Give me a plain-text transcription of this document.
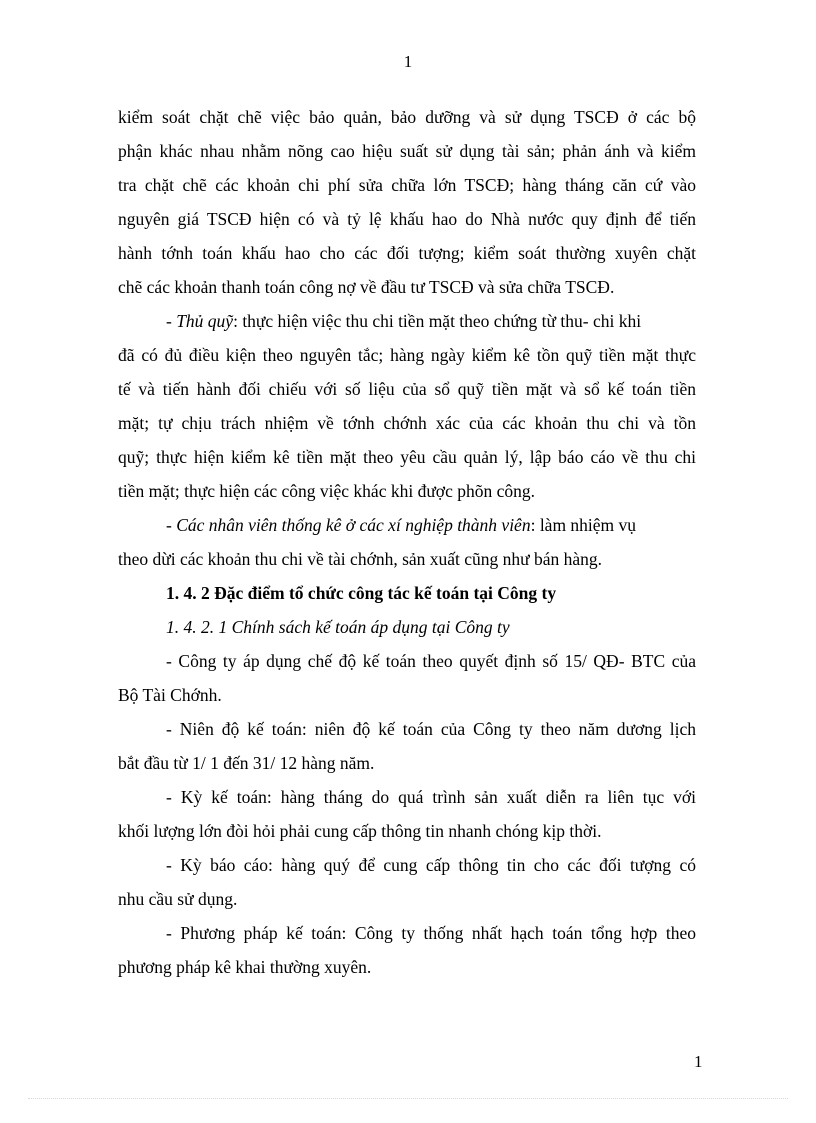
1
kiểm soát chặt chẽ việc bảo quản, bảo dưỡng và sử dụng TSCĐ ở các bộ
phận khác nhau nhằm nõng cao hiệu suất sử dụng tài sản; phản ánh và kiểm
tra chặt chẽ các khoản chi phí sửa chữa lớn TSCĐ; hàng tháng căn cứ vào
nguyên giá TSCĐ hiện có và tỷ lệ khấu hao do Nhà nước quy định để tiến
hành tớnh toán khấu hao cho các đối tượng; kiểm soát thường xuyên chặt
chẽ các khoản thanh toán công nợ về đầu tư TSCĐ và sửa chữa TSCĐ.
- Thủ quỹ: thực hiện việc thu chi tiền mặt theo chứng từ thu- chi khi
đã có đủ điều kiện theo nguyên tắc; hàng ngày kiểm kê tồn quỹ tiền mặt thực
tế và tiến hành đối chiếu với số liệu của sổ quỹ tiền mặt và sổ kế toán tiền
mặt; tự chịu trách nhiệm về tớnh chớnh xác của các khoản thu chi và tồn
quỹ; thực hiện kiểm kê tiền mặt theo yêu cầu quản lý, lập báo cáo về thu chi
tiền mặt; thực hiện các công việc khác khi được phõn công.
- Các nhân viên thống kê ở các xí nghiệp thành viên: làm nhiệm vụ
theo dừi các khoản thu chi về tài chớnh, sản xuất cũng như bán hàng.
1. 4. 2 Đặc điểm tổ chức công tác kế toán tại Công ty
1. 4. 2. 1 Chính sách kế toán áp dụng tại Công ty
- Công ty áp dụng chế độ kế toán theo quyết định số 15/ QĐ- BTC của
Bộ Tài Chớnh.
- Niên độ kế toán: niên độ kế toán của Công ty theo năm dương lịch
bắt đầu từ 1/ 1 đến 31/ 12 hàng năm.
- Kỳ kế toán: hàng tháng do quá trình sản xuất diễn ra liên tục với
khối lượng lớn đòi hỏi phải cung cấp thông tin nhanh chóng kịp thời.
- Kỳ báo cáo: hàng quý để cung cấp thông tin cho các đối tượng có
nhu cầu sử dụng.
- Phương pháp kế toán: Công ty thống nhất hạch toán tổng hợp theo
phương pháp kê khai thường xuyên.
1
